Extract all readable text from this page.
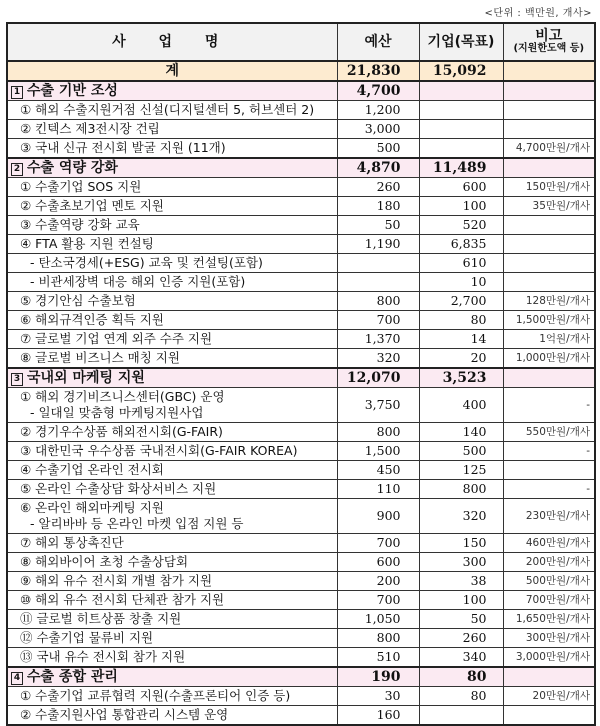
<단위 : 백만원, 개사>
사 업 명	예산	기업(목표)	비고
(지원한도액 등)

계	21,830	15,092	
1 수출 기반 조성	4,700		
① 해외 수출지원거점 신설(디지털센터 5, 허브센터 2)	1,200		
② 킨텍스 제3전시장 건립	3,000		
③ 국내 신규 전시회 발굴 지원 (11개)	500		4,700만원/개사
2 수출 역량 강화	4,870	11,489	
① 수출기업 SOS 지원	260	600	150만원/개사
② 수출초보기업 멘토 지원	180	100	35만원/개사
③ 수출역량 강화 교육	50	520	
④ FTA 활용 지원 컨설팅	1,190	6,835	
- 탄소국경세(+ESG) 교육 및 컨설팅(포함)		610	
- 비관세장벽 대응 해외 인증 지원(포함)		10	
⑤ 경기안심 수출보험	800	2,700	128만원/개사
⑥ 해외규격인증 획득 지원	700	80	1,500만원/개사
⑦ 글로벌 기업 연계 외주 수주 지원	1,370	14	1억원/개사
⑧ 글로벌 비즈니스 매칭 지원	320	20	1,000만원/개사
3 국내외 마케팅 지원	12,070	3,523	
① 해외 경기비즈니스센터(GBC) 운영
- 일대일 맞춤형 마케팅지원사업	3,750	400	-
② 경기우수상품 해외전시회(G-FAIR)	800	140	550만원/개사
③ 대한민국 우수상품 국내전시회(G-FAIR KOREA)	1,500	500	-
④ 수출기업 온라인 전시회	450	125	
⑤ 온라인 수출상담 화상서비스 지원	110	800	-
⑥ 온라인 해외마케팅 지원
- 알리바바 등 온라인 마켓 입점 지원 등	900	320	230만원/개사
⑦ 해외 통상촉진단	700	150	460만원/개사
⑧ 해외바이어 초청 수출상담회	600	300	200만원/개사
⑨ 해외 유수 전시회 개별 참가 지원	200	38	500만원/개사
⑩ 해외 유수 전시회 단체관 참가 지원	700	100	700만원/개사
⑪ 글로벌 히트상품 창출 지원	1,050	50	1,650만원/개사
⑫ 수출기업 물류비 지원	800	260	300만원/개사
⑬ 국내 유수 전시회 참가 지원	510	340	3,000만원/개사
4 수출 종합 관리	190	80	
① 수출기업 교류협력 지원(수출프론티어 인증 등)	30	80	20만원/개사
② 수출지원사업 통합관리 시스템 운영	160		
